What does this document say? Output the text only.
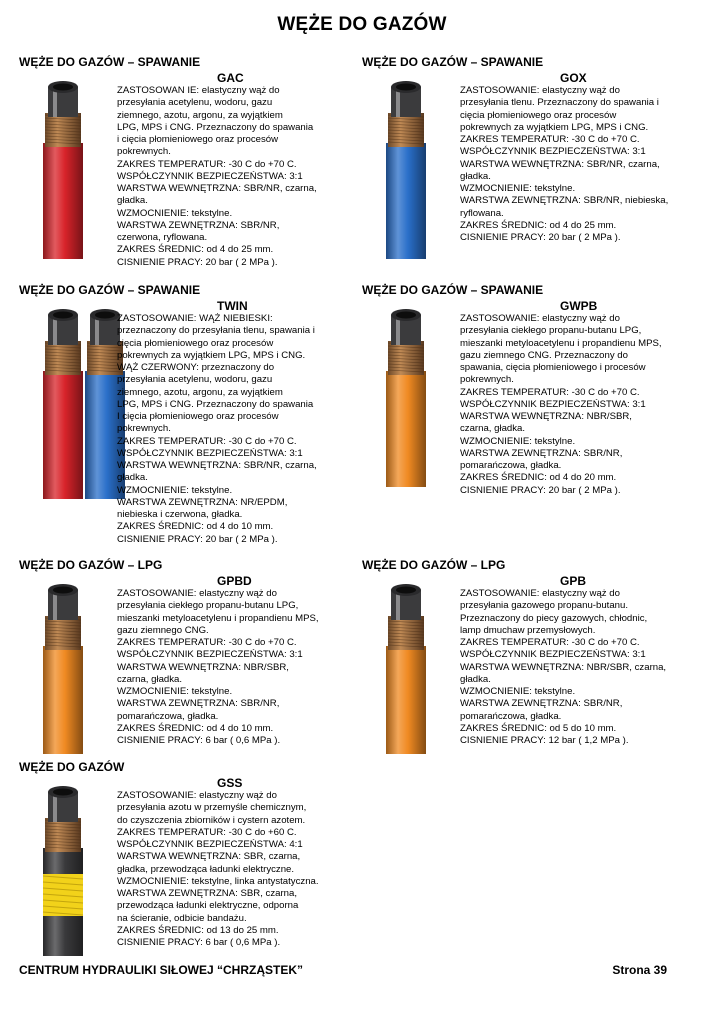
WĘŻE DO GAZÓW
WĘŻE DO GAZÓW – SPAWANIE
GAC
ZASTOSOWAN IE: elastyczny wąż do
przesyłania acetylenu, wodoru, gazu
ziemnego, azotu, argonu, za wyjątkiem
LPG, MPS i CNG. Przeznaczony do spawania
i cięcia płomieniowego oraz procesów
pokrewnych.
ZAKRES TEMPERATUR: -30 C do +70 C.
WSPÓŁCZYNNIK BEZPIECZEŃSTWA: 3:1
WARSTWA WEWNĘTRZNA: SBR/NR, czarna,
gładka.
WZMOCNIENIE: tekstylne.
WARSTWA ZEWNĘTRZNA: SBR/NR,
czerwona, ryflowana.
ZAKRES ŚREDNIC: od 4 do 25 mm.
CISNIENIE PRACY: 20 bar ( 2 MPa ).
WĘŻE DO GAZÓW – SPAWANIE
GOX
ZASTOSOWANIE: elastyczny wąż do
przesyłania tlenu. Przeznaczony do spawania i
cięcia płomieniowego oraz procesów
pokrewnych za wyjątkiem LPG, MPS i CNG.
ZAKRES TEMPERATUR: -30 C do +70 C.
WSPÓŁCZYNNIK BEZPIECZEŃSTWA: 3:1
WARSTWA WEWNĘTRZNA: SBR/NR, czarna,
gładka.
WZMOCNIENIE: tekstylne.
WARSTWA ZEWNĘTRZNA: SBR/NR, niebieska,
ryflowana.
ZAKRES ŚREDNIC: od 4 do 25 mm.
CISNIENIE PRACY: 20 bar ( 2 MPa ).
WĘŻE DO GAZÓW – SPAWANIE
TWIN
ZASTOSOWANIE: WĄŻ NIEBIESKI:
przeznaczony do przesyłania tlenu, spawania i
cięcia płomieniowego oraz procesów
pokrewnych za wyjątkiem LPG, MPS i CNG.
WĄŻ CZERWONY: przeznaczony do
przesyłania acetylenu, wodoru, gazu
ziemnego, azotu, argonu, za wyjątkiem
LPG, MPS i CNG. Przeznaczony do spawania
I cięcia płomieniowego oraz procesów
pokrewnych.
ZAKRES TEMPERATUR: -30 C do +70 C.
WSPÓŁCZYNNIK BEZPIECZEŃSTWA: 3:1
WARSTWA WEWNĘTRZNA: SBR/NR, czarna,
gładka.
WZMOCNIENIE: tekstylne.
WARSTWA ZEWNĘTRZNA: NR/EPDM,
niebieska i czerwona, gładka.
ZAKRES ŚREDNIC: od 4 do 10 mm.
CISNIENIE PRACY: 20 bar ( 2 MPa ).
WĘŻE DO GAZÓW – SPAWANIE
GWPB
ZASTOSOWANIE: elastyczny wąż do
przesyłania ciekłego propanu-butanu LPG,
mieszanki metyloacetylenu i propandienu MPS,
gazu ziemnego CNG. Przeznaczony do
spawania, cięcia płomieniowego i procesów
pokrewnych.
ZAKRES TEMPERATUR: -30 C do +70 C.
WSPÓŁCZYNNIK BEZPIECZEŃSTWA: 3:1
WARSTWA WEWNĘTRZNA: NBR/SBR,
czarna, gładka.
WZMOCNIENIE: tekstylne.
WARSTWA ZEWNĘTRZNA: SBR/NR,
pomarańczowa, gładka.
ZAKRES ŚREDNIC: od 4 do 20 mm.
CISNIENIE PRACY: 20 bar ( 2 MPa ).
WĘŻE DO GAZÓW – LPG
GPBD
ZASTOSOWANIE: elastyczny wąż do
przesyłania ciekłego propanu-butanu LPG,
mieszanki metyloacetylenu i propandienu MPS,
gazu ziemnego CNG.
ZAKRES TEMPERATUR: -30 C do +70 C.
WSPÓŁCZYNNIK BEZPIECZEŃSTWA: 3:1
WARSTWA WEWNĘTRZNA: NBR/SBR,
czarna, gładka.
WZMOCNIENIE: tekstylne.
WARSTWA ZEWNĘTRZNA: SBR/NR,
pomarańczowa, gładka.
ZAKRES ŚREDNIC: od 4 do 10 mm.
CISNIENIE PRACY: 6 bar ( 0,6 MPa ).
WĘŻE DO GAZÓW – LPG
GPB
ZASTOSOWANIE: elastyczny wąż do
przesyłania gazowego propanu-butanu.
Przeznaczony do piecy gazowych, chłodnic,
lamp dmuchaw przemysłowych.
ZAKRES TEMPERATUR: -30 C do +70 C.
WSPÓŁCZYNNIK BEZPIECZEŃSTWA: 3:1
WARSTWA WEWNĘTRZNA: NBR/SBR, czarna,
gładka.
WZMOCNIENIE: tekstylne.
WARSTWA ZEWNĘTRZNA: SBR/NR,
pomarańczowa, gładka.
ZAKRES ŚREDNIC: od 5 do 10 mm.
CISNIENIE PRACY: 12 bar ( 1,2 MPa ).
WĘŻE DO GAZÓW
GSS
ZASTOSOWANIE: elastyczny wąż do
przesyłania azotu w przemyśle chemicznym,
do czyszczenia zbiorników i cystern azotem.
ZAKRES TEMPERATUR: -30 C do +60 C.
WSPÓŁCZYNNIK BEZPIECZEŃSTWA: 4:1
WARSTWA WEWNĘTRZNA: SBR, czarna,
gładka, przewodząca ładunki elektryczne.
WZMOCNIENIE: tekstylne, linka antystatyczna.
WARSTWA ZEWNĘTRZNA: SBR, czarna,
przewodząca ładunki elektryczne, odporna
na ścieranie, odbicie bandażu.
ZAKRES ŚREDNIC: od 13 do 25 mm.
CISNIENIE PRACY: 6 bar ( 0,6 MPa ).
CENTRUM HYDRAULIKI SIŁOWEJ “CHRZĄSTEK”	Strona 39
